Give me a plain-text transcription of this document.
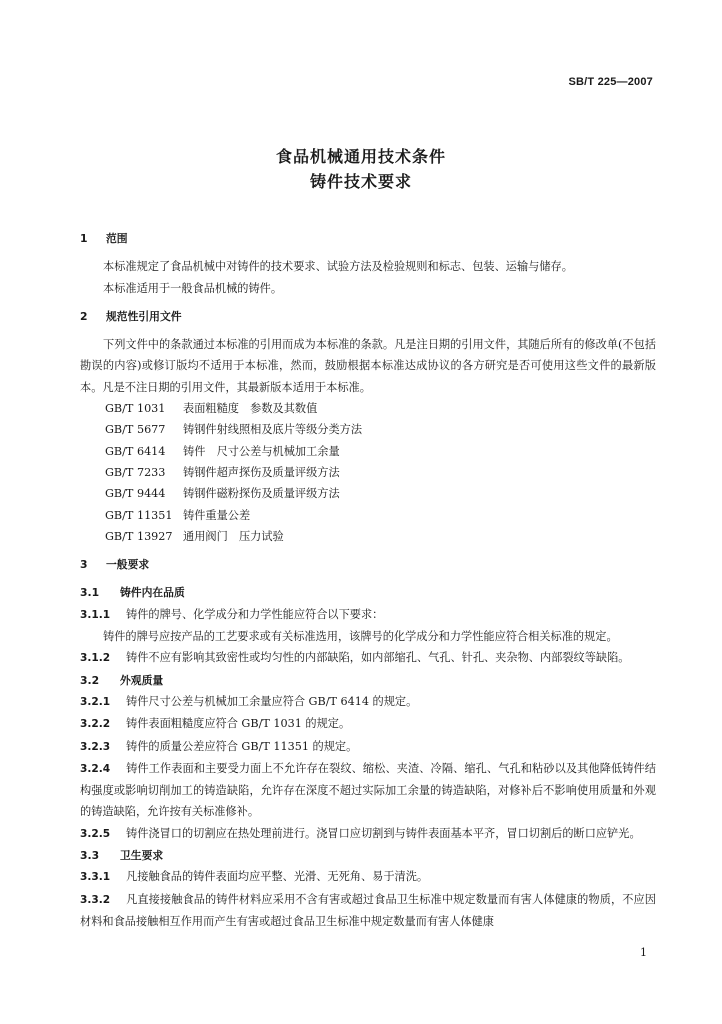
SB/T 225—2007
食品机械通用技术条件
铸件技术要求

1 范围

本标准规定了食品机械中对铸件的技术要求、试验方法及检验规则和标志、包装、运输与储存。

本标准适用于一般食品机械的铸件。

2 规范性引用文件

下列文件中的条款通过本标准的引用而成为本标准的条款。凡是注日期的引用文件，其随后所有的修改单(不包括勘误的内容)或修订版均不适用于本标准，然而，鼓励根据本标准达成协议的各方研究是否可使用这些文件的最新版本。凡是不注日期的引用文件，其最新版本适用于本标准。

GB/T 1031 表面粗糙度　参数及其数值

GB/T 5677 铸钢件射线照相及底片等级分类方法

GB/T 6414 铸件　尺寸公差与机械加工余量

GB/T 7233 铸钢件超声探伤及质量评级方法

GB/T 9444 铸钢件磁粉探伤及质量评级方法

GB/T 11351 铸件重量公差

GB/T 13927 通用阀门　压力试验

3 一般要求

3.1 铸件内在品质

3.1.1 铸件的牌号、化学成分和力学性能应符合以下要求：

铸件的牌号应按产品的工艺要求或有关标准选用，该牌号的化学成分和力学性能应符合相关标准的规定。

3.1.2 铸件不应有影响其致密性或均匀性的内部缺陷，如内部缩孔、气孔、针孔、夹杂物、内部裂纹等缺陷。

3.2 外观质量

3.2.1 铸件尺寸公差与机械加工余量应符合 GB/T 6414 的规定。

3.2.2 铸件表面粗糙度应符合 GB/T 1031 的规定。

3.2.3 铸件的质量公差应符合 GB/T 11351 的规定。

3.2.4 铸件工作表面和主要受力面上不允许存在裂纹、缩松、夹渣、冷隔、缩孔、气孔和粘砂以及其他降低铸件结构强度或影响切削加工的铸造缺陷，允许存在深度不超过实际加工余量的铸造缺陷，对修补后不影响使用质量和外观的铸造缺陷，允许按有关标准修补。

3.2.5 铸件浇冒口的切割应在热处理前进行。浇冒口应切割到与铸件表面基本平齐，冒口切割后的断口应铲光。

3.3 卫生要求

3.3.1 凡接触食品的铸件表面均应平整、光滑、无死角、易于清洗。

3.3.2 凡直接接触食品的铸件材料应采用不含有害或超过食品卫生标准中规定数量而有害人体健康的物质，不应因材料和食品接触相互作用而产生有害或超过食品卫生标准中规定数量而有害人体健康

1
